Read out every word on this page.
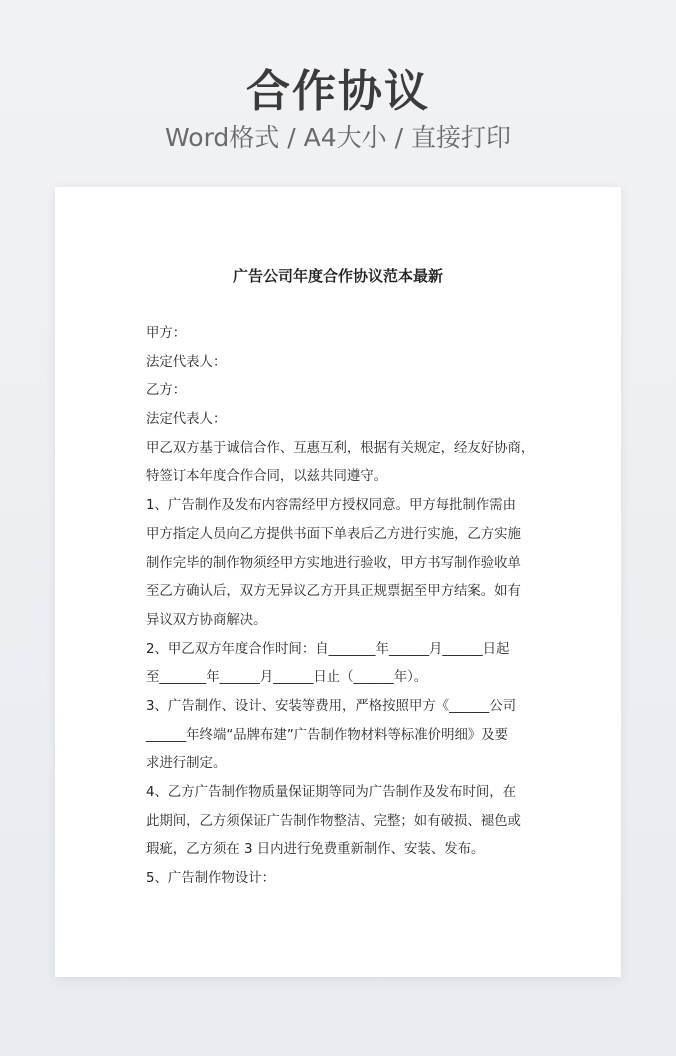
合作协议
Word格式 / A4大小 / 直接打印
广告公司年度合作协议范本最新
甲方：
法定代表人：
乙方：
法定代表人：
甲乙双方基于诚信合作、互惠互利，根据有关规定，经友好协商，
特签订本年度合作合同，以兹共同遵守。
1、广告制作及发布内容需经甲方授权同意。甲方每批制作需由
甲方指定人员向乙方提供书面下单表后乙方进行实施，乙方实施
制作完毕的制作物须经甲方实地进行验收，甲方书写制作验收单
至乙方确认后，双方无异议乙方开具正规票据至甲方结案。如有
异议双方协商解决。
2、甲乙双方年度合作时间：自_______年______月______日起
至_______年______月______日止（______年）。
3、广告制作、设计、安装等费用，严格按照甲方《______公司
______年终端“品牌布建”广告制作物材料等标准价明细》及要
求进行制定。
4、乙方广告制作物质量保证期等同为广告制作及发布时间，在
此期间，乙方须保证广告制作物整洁、完整；如有破损、褪色或
瑕疵，乙方须在 3 日内进行免费重新制作、安装、发布。
5、广告制作物设计：
